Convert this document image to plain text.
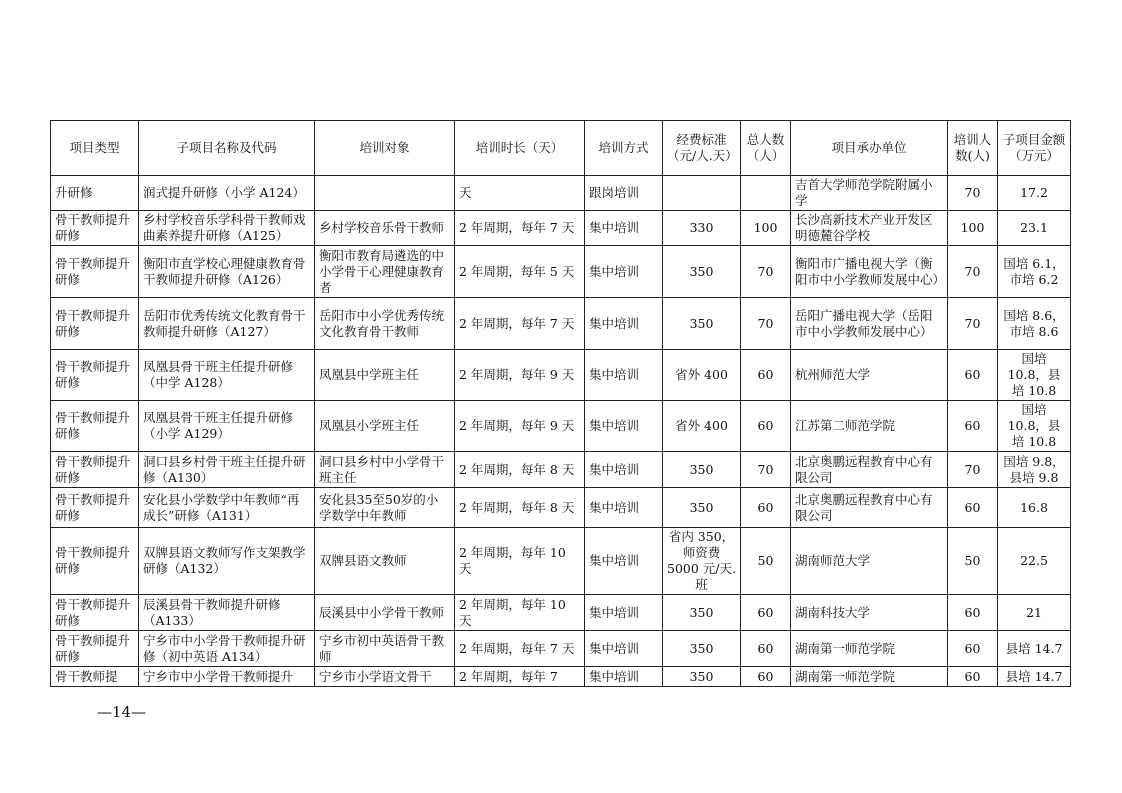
项目类型	子项目名称及代码	培训对象	培训时长（天）	培训方式	经费标准（元/人.天）	总人数（人）	项目承办单位	培训人数(人)	子项目金额（万元）
升研修	润式提升研修（小学 A124）		天	跟岗培训			吉首大学师范学院附属小学	70	17.2
骨干教师提升研修	乡村学校音乐学科骨干教师戏曲素养提升研修（A125）	乡村学校音乐骨干教师	2 年周期，每年 7 天	集中培训	330	100	长沙高新技术产业开发区明德麓谷学校	100	23.1
骨干教师提升研修	衡阳市直学校心理健康教育骨干教师提升研修（A126）	衡阳市教育局遴选的中小学骨干心理健康教育者	2 年周期，每年 5 天	集中培训	350	70	衡阳市广播电视大学（衡阳市中小学教师发展中心）	70	国培 6.1，市培 6.2
骨干教师提升研修	岳阳市优秀传统文化教育骨干教师提升研修（A127）	岳阳市中小学优秀传统文化教育骨干教师	2 年周期，每年 7 天	集中培训	350	70	岳阳广播电视大学（岳阳市中小学教师发展中心）	70	国培 8.6，市培 8.6
骨干教师提升研修	凤凰县骨干班主任提升研修（中学 A128）	凤凰县中学班主任	2 年周期，每年 9 天	集中培训	省外 400	60	杭州师范大学	60	国培 10.8，县培 10.8
骨干教师提升研修	凤凰县骨干班主任提升研修（小学 A129）	凤凰县小学班主任	2 年周期，每年 9 天	集中培训	省外 400	60	江苏第二师范学院	60	国培 10.8，县培 10.8
骨干教师提升研修	洞口县乡村骨干班主任提升研修（A130）	洞口县乡村中小学骨干班主任	2 年周期，每年 8 天	集中培训	350	70	北京奥鹏远程教育中心有限公司	70	国培 9.8，县培 9.8
骨干教师提升研修	安化县小学数学中年教师“再成长”研修（A131）	安化县35至50岁的小学数学中年教师	2 年周期，每年 8 天	集中培训	350	60	北京奥鹏远程教育中心有限公司	60	16.8
骨干教师提升研修	双牌县语文教师写作支架教学研修（A132）	双牌县语文教师	2 年周期，每年 10 天	集中培训	省内 350，师资费 5000 元/天.班	50	湖南师范大学	50	22.5
骨干教师提升研修	辰溪县骨干教师提升研修（A133）	辰溪县中小学骨干教师	2 年周期，每年 10 天	集中培训	350	60	湖南科技大学	60	21
骨干教师提升研修	宁乡市中小学骨干教师提升研修（初中英语 A134）	宁乡市初中英语骨干教师	2 年周期，每年 7 天	集中培训	350	60	湖南第一师范学院	60	县培 14.7
骨干教师提	宁乡市中小学骨干教师提升	宁乡市小学语文骨干	2 年周期，每年 7	集中培训	350	60	湖南第一师范学院	60	县培 14.7
—14—
